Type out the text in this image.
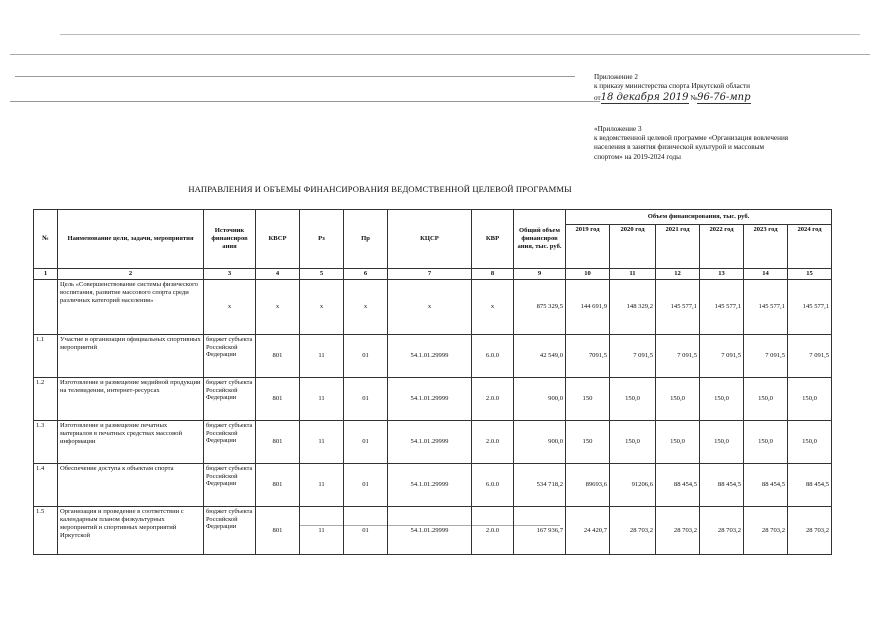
Приложение 2
к приказу министерства спорта Иркутской области
от18 декабря 2019 №96-76-мпр
«Приложение 3
к ведомственной целевой программе «Организация вовлечения
населения в занятия физической культурой и массовым
спортом» на 2019-2024 годы
НАПРАВЛЕНИЯ И ОБЪЕМЫ ФИНАНСИРОВАНИЯ ВЕДОМСТВЕННОЙ ЦЕЛЕВОЙ ПРОГРАММЫ
№	Наименование цели, задачи, мероприятия	Источник финансиров ания	КВСР	Рз	Пр	КЦСР	КВР	Общий объем финансиров ания, тыс. руб.	Объем финансирования, тыс. руб.					
									2019 год	2020 год	2021 год	2022 год	2023 год	2024 год
1	2	3	4	5	6	7	8	9	10	11	12	13	14	15
	Цель «Совершенствование системы физического воспитания, развитие массового спорта среди различных категорий населения»	x	x	x	x	x	x	875 329,5	144 691,9	148 329,2	145 577,1	145 577,1	145 577,1	145 577,1
1.1	Участие в организации официальных спортивных мероприятий	бюджет субъекта Российской Федерации	801	11	01	54.1.01.29999	6.0.0	42 549,0	7091,5	7 091,5	7 091,5	7 091,5	7 091,5	7 091,5
1.2	Изготовление и размещение медийной продукции на телевидении, интернет-ресурсах	бюджет субъекта Российской Федерации	801	11	01	54.1.01.29999	2.0.0	900,0	150	150,0	150,0	150,0	150,0	150,0
1.3	Изготовление и размещение печатных материалов в печатных средствах массовой информации	бюджет субъекта Российской Федерации	801	11	01	54.1.01.29999	2.0.0	900,0	150	150,0	150,0	150,0	150,0	150,0
1.4	Обеспечение доступа к объектам спорта	бюджет субъекта Российской Федерации	801	11	01	54.1.01.29999	6.0.0	534 718,2	89693,6	91206,6	88 454,5	88 454,5	88 454,5	88 454,5
1.5	Организация и проведение в соответствии с календарным планом физкультурных мероприятий и спортивных мероприятий Иркутской	бюджет субъекта Российской Федерации	801	11	01	54.1.01.29999	2.0.0	167 936,7	24 420,7	28 703,2	28 703,2	28 703,2	28 703,2	28 703,2
